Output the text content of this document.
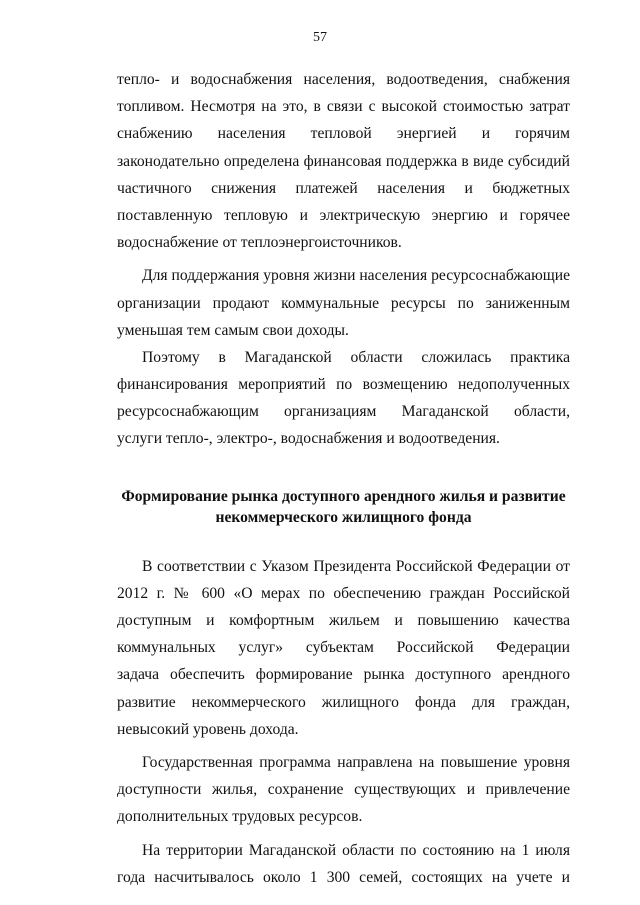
57
тепло- и водоснабжения населения, водоотведения, снабжения
топливом. Несмотря на это, в связи с высокой стоимостью затрат
снабжению населения тепловой энергией и горячим
законодательно определена финансовая поддержка в виде субсидий
частичного снижения платежей населения и бюджетных
поставленную тепловую и электрическую энергию и горячее
водоснабжение от теплоэнергоисточников.
Для поддержания уровня жизни населения ресурсоснабжающие
организации продают коммунальные ресурсы по заниженным
уменьшая тем самым свои доходы.
Поэтому в Магаданской области сложилась практика
финансирования мероприятий по возмещению недополученных
ресурсоснабжающим организациям Магаданской области,
услуги тепло-, электро-, водоснабжения и водоотведения.

Формирование рынка доступного арендного жилья и развитие

некоммерческого жилищного фонда

В соответствии с Указом Президента Российской Федерации от
2012 г. № 600 «О мерах по обеспечению граждан Российской
доступным и комфортным жильем и повышению качества
коммунальных услуг» субъектам Российской Федерации
задача обеспечить формирование рынка доступного арендного
развитие некоммерческого жилищного фонда для граждан,
невысокий уровень дохода.
Государственная программа направлена на повышение уровня
доступности жилья, сохранение существующих и привлечение
дополнительных трудовых ресурсов.
На территории Магаданской области по состоянию на 1 июля
года насчитывалось около 1 300 семей, состоящих на учете и
